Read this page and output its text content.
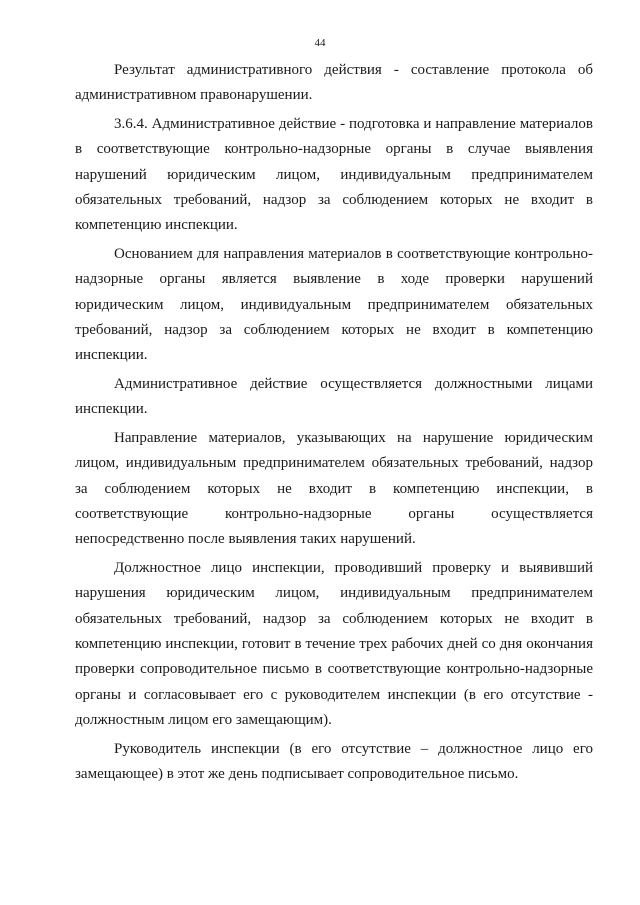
44

Результат административного действия - составление протокола об административном правонарушении.

3.6.4. Административное действие - подготовка и направление материалов в соответствующие контрольно-надзорные органы в случае выявления нарушений юридическим лицом, индивидуальным предпринимателем обязательных требований, надзор за соблюдением которых не входит в компетенцию инспекции.

Основанием для направления материалов в соответствующие контрольно-надзорные органы является выявление в ходе проверки нарушений юридическим лицом, индивидуальным предпринимателем обязательных требований, надзор за соблюдением которых не входит в компетенцию инспекции.

Административное действие осуществляется должностными лицами инспекции.

Направление материалов, указывающих на нарушение юридическим лицом, индивидуальным предпринимателем обязательных требований, надзор за соблюдением которых не входит в компетенцию инспекции, в соответствующие контрольно-надзорные органы осуществляется непосредственно после выявления таких нарушений.

Должностное лицо инспекции, проводивший проверку и выявивший нарушения юридическим лицом, индивидуальным предпринимателем обязательных требований, надзор за соблюдением которых не входит в компетенцию инспекции, готовит в течение трех рабочих дней со дня окончания проверки сопроводительное письмо в соответствующие контрольно-надзорные органы и согласовывает его с руководителем инспекции (в его отсутствие - должностным лицом его замещающим).

Руководитель инспекции (в его отсутствие – должностное лицо его замещающее) в этот же день подписывает сопроводительное письмо.
